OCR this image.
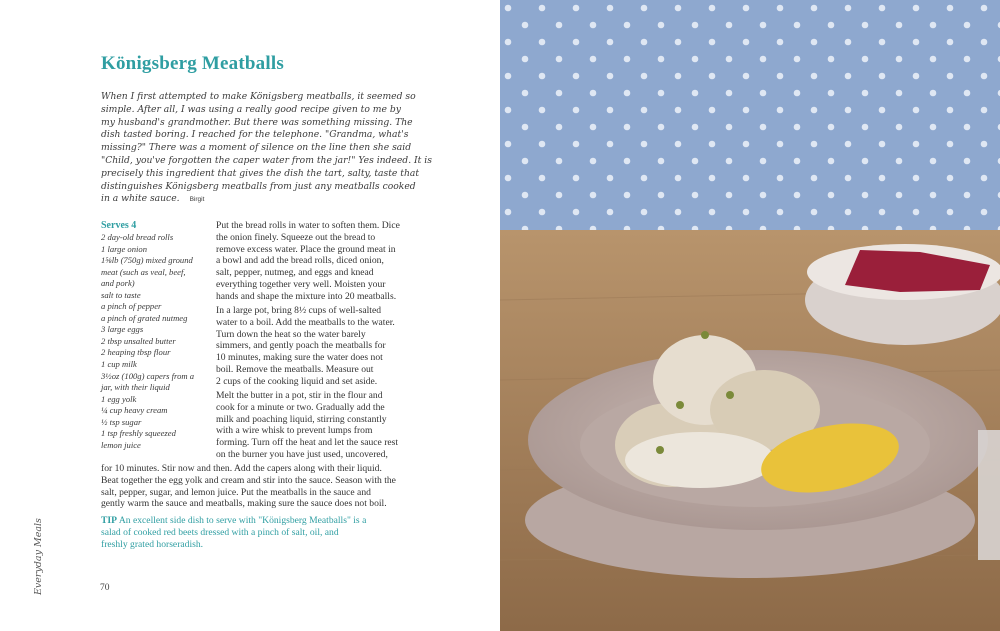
Königsberg Meatballs
When I first attempted to make Königsberg meatballs, it seemed so
simple. After all, I was using a really good recipe given to me by
my husband's grandmother. But there was something missing. The
dish tasted boring. I reached for the telephone. "Grandma, what's
missing?" There was a moment of silence on the line then she said
"Child, you've forgotten the caper water from the jar!" Yes indeed. It is
precisely this ingredient that gives the dish the tart, salty, taste that
distinguishes Königsberg meatballs from just any meatballs cooked
in a white sauce. Birgit
Serves 4
2 day-old bread rolls
1 large onion
1⅝lb (750g) mixed ground
meat (such as veal, beef,
and pork)
salt to taste
a pinch of pepper
a pinch of grated nutmeg
3 large eggs
2 tbsp unsalted butter
2 heaping tbsp flour
1 cup milk
3½oz (100g) capers from a
jar, with their liquid
1 egg yolk
¼ cup heavy cream
½ tsp sugar
1 tsp freshly squeezed
lemon juice
Put the bread rolls in water to soften them. Dice
the onion finely. Squeeze out the bread to
remove excess water. Place the ground meat in
a bowl and add the bread rolls, diced onion,
salt, pepper, nutmeg, and eggs and knead
everything together very well. Moisten your
hands and shape the mixture into 20 meatballs.
In a large pot, bring 8½ cups of well-salted
water to a boil. Add the meatballs to the water.
Turn down the heat so the water barely
simmers, and gently poach the meatballs for
10 minutes, making sure the water does not
boil. Remove the meatballs. Measure out
2 cups of the cooking liquid and set aside.
Melt the butter in a pot, stir in the flour and
cook for a minute or two. Gradually add the
milk and poaching liquid, stirring constantly
with a wire whisk to prevent lumps from
forming. Turn off the heat and let the sauce rest
on the burner you have just used, uncovered,
for 10 minutes. Stir now and then. Add the capers along with their liquid.
Beat together the egg yolk and cream and stir into the sauce. Season with the
salt, pepper, sugar, and lemon juice. Put the meatballs in the sauce and
gently warm the sauce and meatballs, making sure the sauce does not boil.
TIP An excellent side dish to serve with "Königsberg Meatballs" is a
salad of cooked red beets dressed with a pinch of salt, oil, and
freshly grated horseradish.
Everyday Meals	70
